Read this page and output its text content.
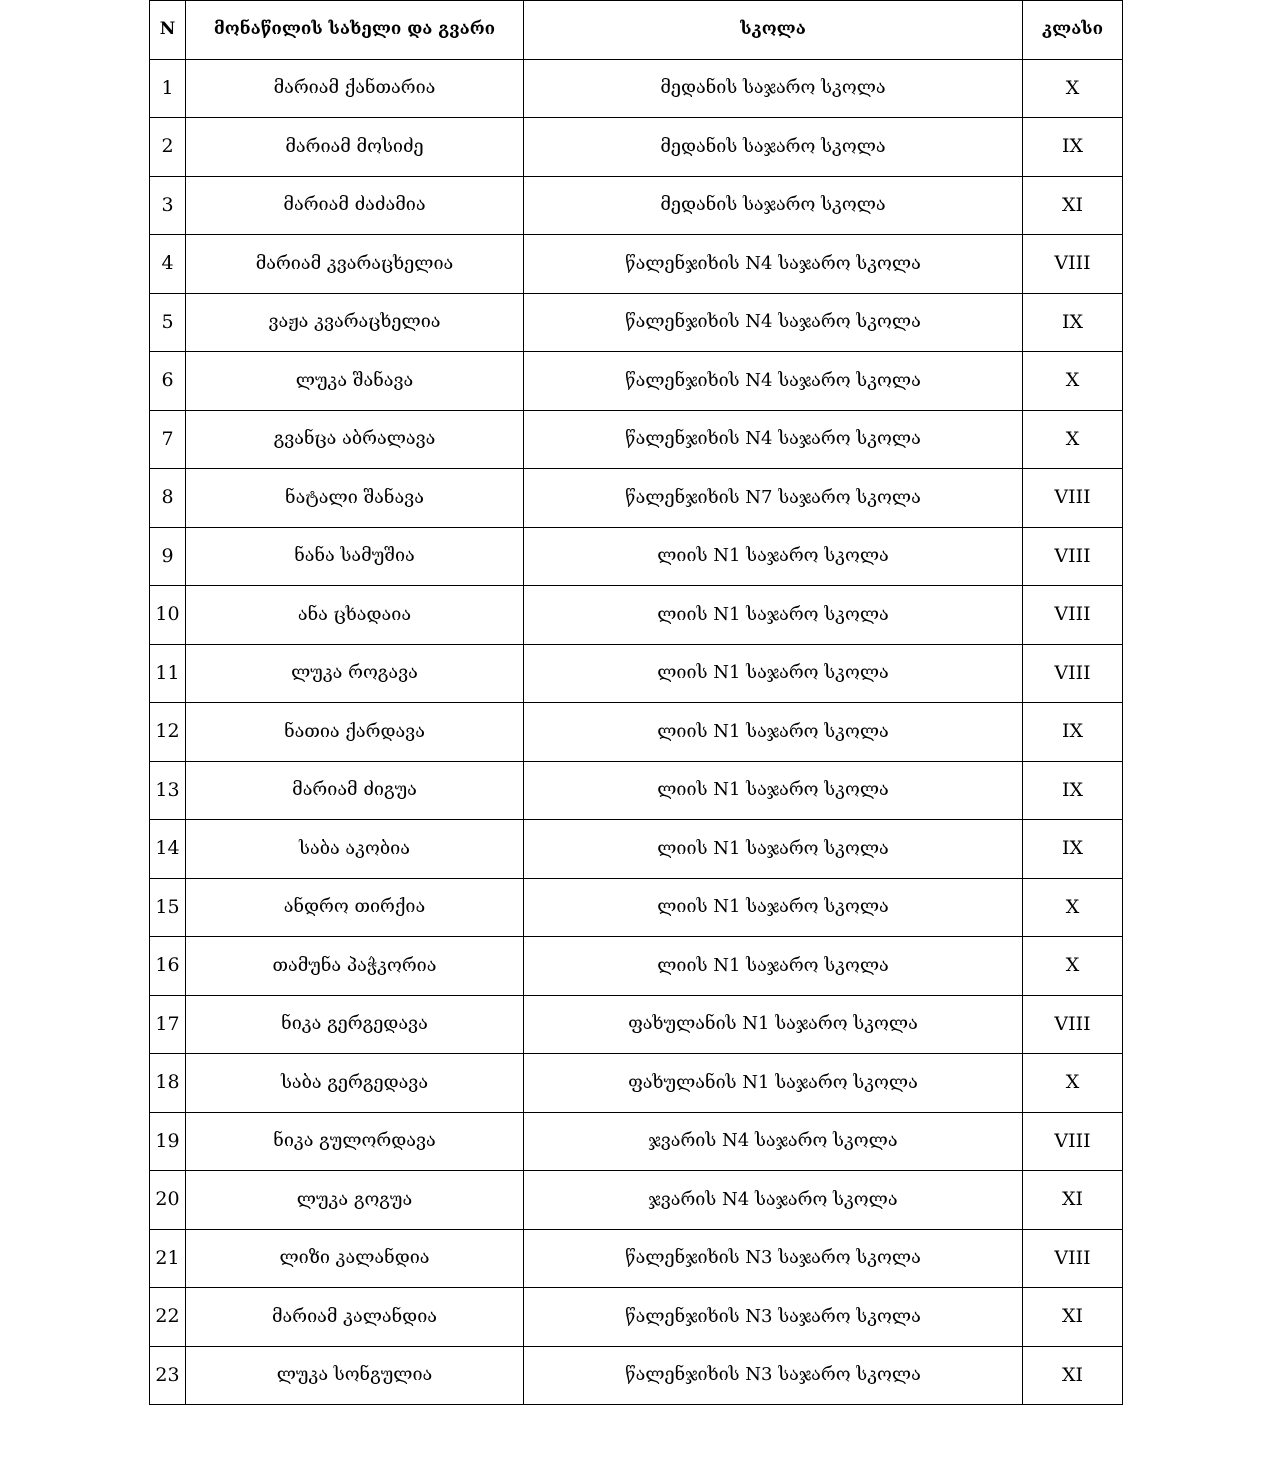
N	მონაწილის სახელი და გვარი	სკოლა	კლასი
1	მარიამ ქანთარია	მედანის საჯარო სკოლა	X
2	მარიამ მოსიძე	მედანის საჯარო სკოლა	IX
3	მარიამ ძაძამია	მედანის საჯარო სკოლა	XI
4	მარიამ კვარაცხელია	წალენჯიხის N4 საჯარო სკოლა	VIII
5	ვაჟა კვარაცხელია	წალენჯიხის N4 საჯარო სკოლა	IX
6	ლუკა შანავა	წალენჯიხის N4 საჯარო სკოლა	X
7	გვანცა აბრალავა	წალენჯიხის N4 საჯარო სკოლა	X
8	ნატალი შანავა	წალენჯიხის N7 საჯარო სკოლა	VIII
9	ნანა სამუშია	ლიის N1 საჯარო სკოლა	VIII
10	ანა ცხადაია	ლიის N1 საჯარო სკოლა	VIII
11	ლუკა როგავა	ლიის N1 საჯარო სკოლა	VIII
12	ნათია ქარდავა	ლიის N1 საჯარო სკოლა	IX
13	მარიამ ძიგუა	ლიის N1 საჯარო სკოლა	IX
14	საბა აკობია	ლიის N1 საჯარო სკოლა	IX
15	ანდრო თირქია	ლიის N1 საჯარო სკოლა	X
16	თამუნა პაჭკორია	ლიის N1 საჯარო სკოლა	X
17	ნიკა გერგედავა	ფახულანის N1 საჯარო სკოლა	VIII
18	საბა გერგედავა	ფახულანის N1 საჯარო სკოლა	X
19	ნიკა გულორდავა	ჯვარის N4 საჯარო სკოლა	VIII
20	ლუკა გოგუა	ჯვარის N4 საჯარო სკოლა	XI
21	ლიზი კალანდია	წალენჯიხის N3 საჯარო სკოლა	VIII
22	მარიამ კალანდია	წალენჯიხის N3 საჯარო სკოლა	XI
23	ლუკა სონგულია	წალენჯიხის N3 საჯარო სკოლა	XI
